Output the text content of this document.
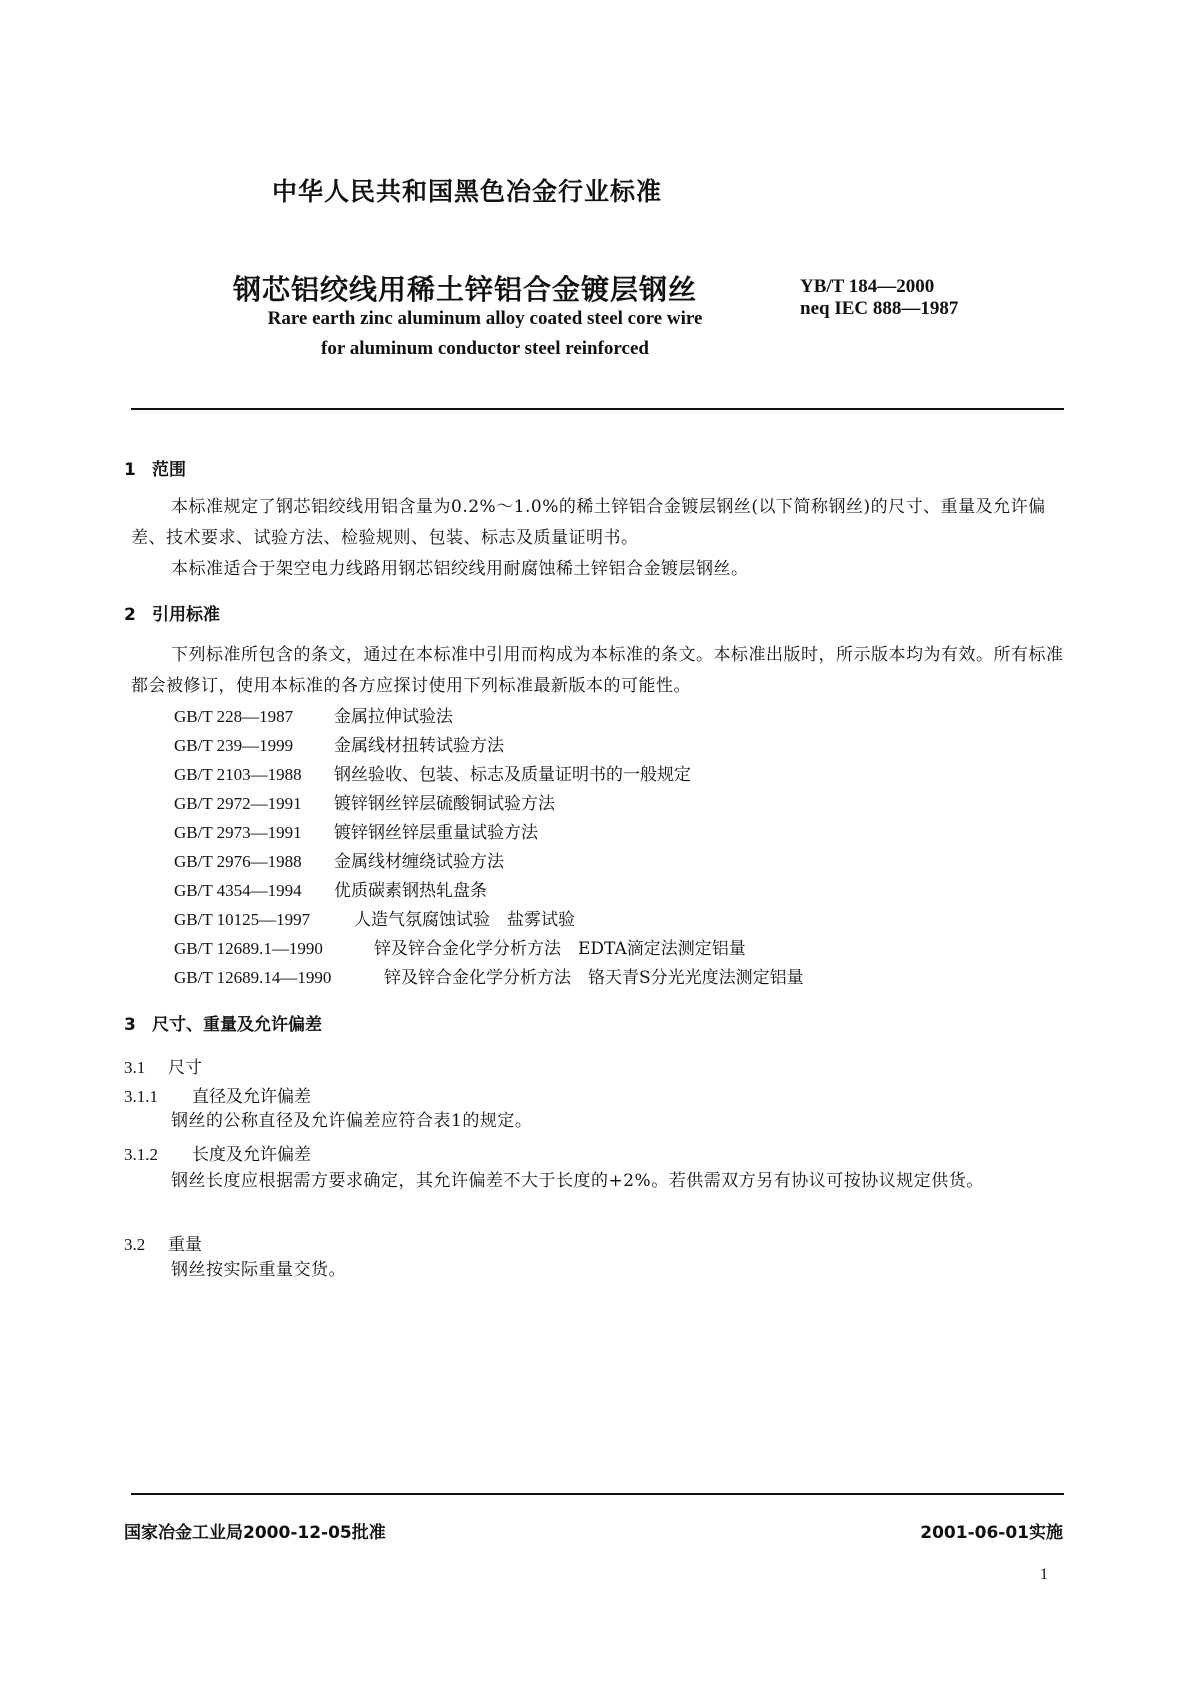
中华人民共和国黑色冶金行业标准
钢芯铝绞线用稀土锌铝合金镀层钢丝	YB/T 184—2000
neq IEC 888—1987
Rare earth zinc aluminum alloy coated steel core wire
for aluminum conductor steel reinforced
1 范围
本标准规定了钢芯铝绞线用铝含量为0.2%～1.0%的稀土锌铝合金镀层钢丝(以下简称钢丝)的尺寸、重量及允许偏差、技术要求、试验方法、检验规则、包装、标志及质量证明书。
本标准适合于架空电力线路用钢芯铝绞线用耐腐蚀稀土锌铝合金镀层钢丝。
2 引用标准
下列标准所包含的条文，通过在本标准中引用而构成为本标准的条文。本标准出版时，所示版本均为有效。所有标准都会被修订，使用本标准的各方应探讨使用下列标准最新版本的可能性。
GB/T 228—1987 金属拉伸试验法
GB/T 239—1999 金属线材扭转试验方法
GB/T 2103—1988 钢丝验收、包装、标志及质量证明书的一般规定
GB/T 2972—1991 镀锌钢丝锌层硫酸铜试验方法
GB/T 2973—1991 镀锌钢丝锌层重量试验方法
GB/T 2976—1988 金属线材缠绕试验方法
GB/T 4354—1994 优质碳素钢热轧盘条
GB/T 10125—1997	人造气氛腐蚀试验　盐雾试验
GB/T 12689.1—1990	锌及锌合金化学分析方法　EDTA滴定法测定铝量
GB/T 12689.14—1990	锌及锌合金化学分析方法　铬天青S分光光度法测定铝量
3 尺寸、重量及允许偏差
3.1 尺寸
3.1.1 直径及允许偏差
钢丝的公称直径及允许偏差应符合表1的规定。
3.1.2 长度及允许偏差
钢丝长度应根据需方要求确定，其允许偏差不大于长度的+2%。若供需双方另有协议可按协议规定供货。
3.2 重量
钢丝按实际重量交货。
国家冶金工业局2000-12-05批准	2001-06-01实施
1
